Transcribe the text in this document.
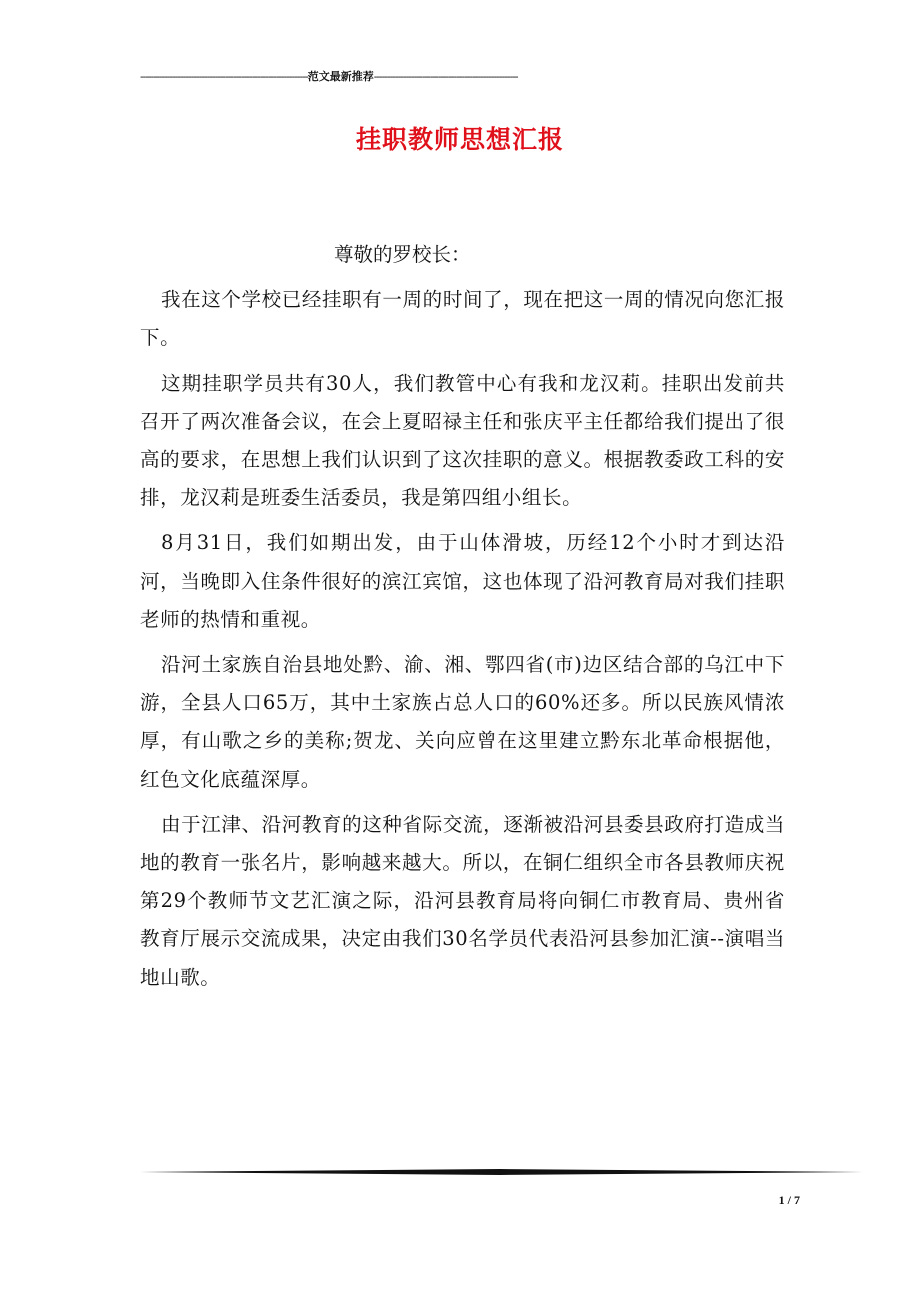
---------------------------------------------------------------范文最新推荐------------------------------------------------------
挂职教师思想汇报

尊敬的罗校长：

我在这个学校已经挂职有一周的时间了，现在把这一周的情况向您汇报下。

这期挂职学员共有30人，我们教管中心有我和龙汉莉。挂职出发前共召开了两次准备会议，在会上夏昭禄主任和张庆平主任都给我们提出了很高的要求，在思想上我们认识到了这次挂职的意义。根据教委政工科的安排，龙汉莉是班委生活委员，我是第四组小组长。

8月31日，我们如期出发，由于山体滑坡，历经12个小时才到达沿河，当晚即入住条件很好的滨江宾馆，这也体现了沿河教育局对我们挂职老师的热情和重视。

沿河土家族自治县地处黔、渝、湘、鄂四省(市)边区结合部的乌江中下游，全县人口65万，其中土家族占总人口的60%还多。所以民族风情浓厚，有山歌之乡的美称;贺龙、关向应曾在这里建立黔东北革命根据他，红色文化底蕴深厚。

由于江津、沿河教育的这种省际交流，逐渐被沿河县委县政府打造成当地的教育一张名片，影响越来越大。所以，在铜仁组织全市各县教师庆祝第29个教师节文艺汇演之际，沿河县教育局将向铜仁市教育局、贵州省教育厅展示交流成果，决定由我们30名学员代表沿河县参加汇演--演唱当地山歌。

1 / 7
